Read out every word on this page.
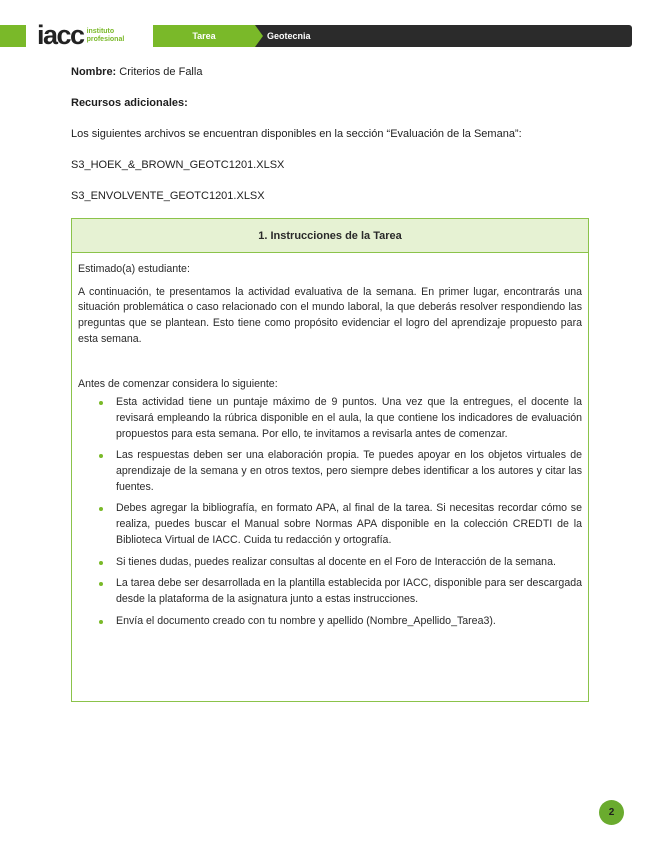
iacc instituto
profesional	Tarea	Geotecnia
Nombre: Criterios de Falla
Recursos adicionales:
Los siguientes archivos se encuentran disponibles en la sección “Evaluación de la Semana”:
S3_HOEK_&_BROWN_GEOTC1201.XLSX
S3_ENVOLVENTE_GEOTC1201.XLSX
1. Instrucciones de la Tarea

Estimado(a) estudiante:

A continuación, te presentamos la actividad evaluativa de la semana. En primer lugar, encontrarás una situación problemática o caso relacionado con el mundo laboral, la que deberás resolver respondiendo las preguntas que se plantean. Esto tiene como propósito evidenciar el logro del aprendizaje propuesto para esta semana.

Antes de comenzar considera lo siguiente:

Esta actividad tiene un puntaje máximo de 9 puntos. Una vez que la entregues, el docente la revisará empleando la rúbrica disponible en el aula, la que contiene los indicadores de evaluación propuestos para esta semana. Por ello, te invitamos a revisarla antes de comenzar.
Las respuestas deben ser una elaboración propia. Te puedes apoyar en los objetos virtuales de aprendizaje de la semana y en otros textos, pero siempre debes identificar a los autores y citar las fuentes.
Debes agregar la bibliografía, en formato APA, al final de la tarea. Si necesitas recordar cómo se realiza, puedes buscar el Manual sobre Normas APA disponible en la colección CREDTI de la Biblioteca Virtual de IACC. Cuida tu redacción y ortografía.
Si tienes dudas, puedes realizar consultas al docente en el Foro de Interacción de la semana.
La tarea debe ser desarrollada en la plantilla establecida por IACC, disponible para ser descargada desde la plataforma de la asignatura junto a estas instrucciones.
Envía el documento creado con tu nombre y apellido (Nombre_Apellido_Tarea3).
2
